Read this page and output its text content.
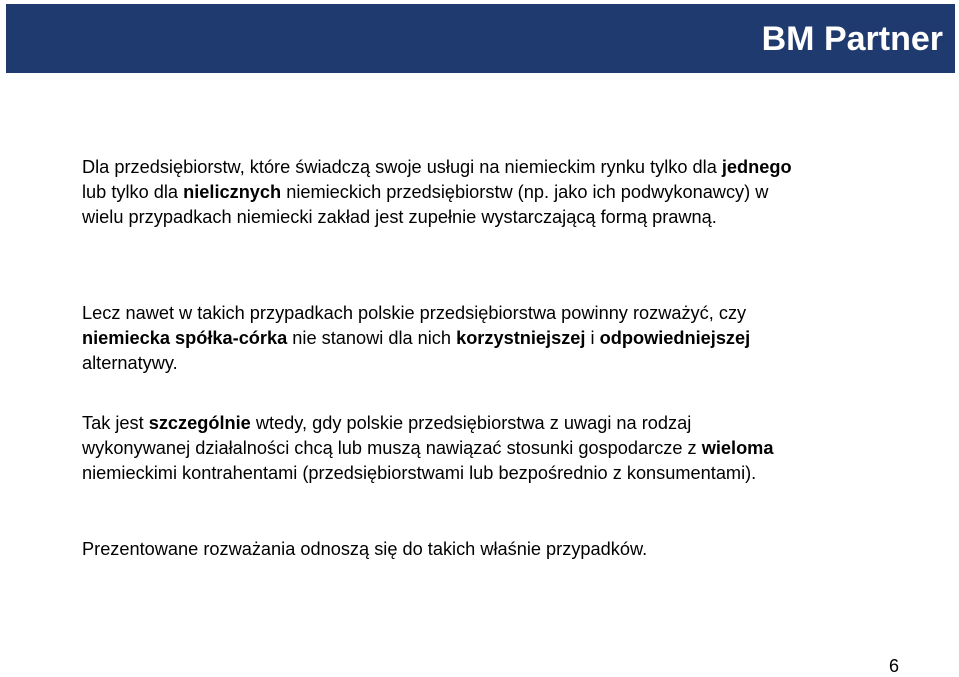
BM Partner

Dla przedsiębiorstw, które świadczą swoje usługi na niemieckim rynku tylko dla jednego
lub tylko dla nielicznych niemieckich przedsiębiorstw (np. jako ich podwykonawcy) w
wielu przypadkach niemiecki zakład jest zupełnie wystarczającą formą prawną.

Lecz nawet w takich przypadkach polskie przedsiębiorstwa powinny rozważyć, czy
niemiecka spółka-córka nie stanowi dla nich korzystniejszej i odpowiedniejszej
alternatywy.

Tak jest szczególnie wtedy, gdy polskie przedsiębiorstwa z uwagi na rodzaj
wykonywanej działalności chcą lub muszą nawiązać stosunki gospodarcze z wieloma
niemieckimi kontrahentami (przedsiębiorstwami lub bezpośrednio z konsumentami).

Prezentowane rozważania odnoszą się do takich właśnie przypadków.

6
